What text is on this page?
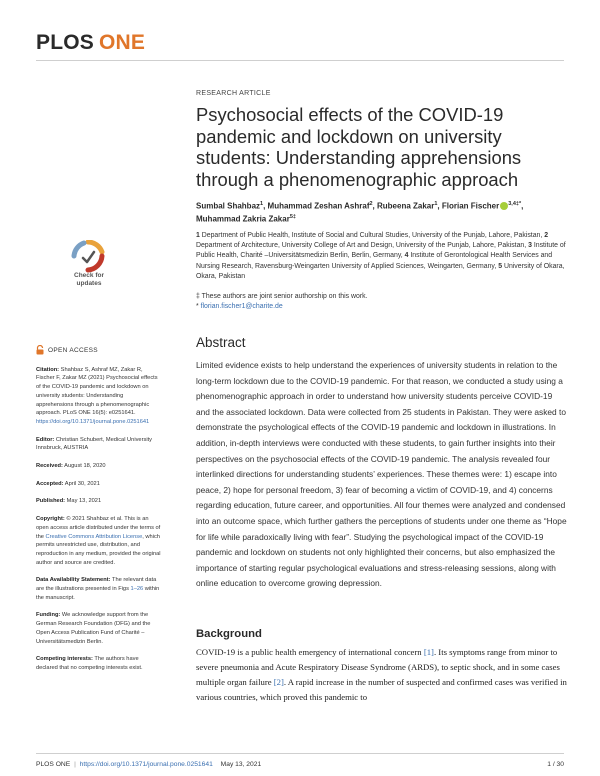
PLOS ONE
RESEARCH ARTICLE
Psychosocial effects of the COVID-19 pandemic and lockdown on university students: Understanding apprehensions through a phenomenographic approach
Sumbal Shahbaz$^1$, Muhammad Zeshan Ashraf$^2$, Rubeena Zakar$^1$, Florian Fischer $^{3,4\ddagger*}$, Muhammad Zakria Zakar$^{5\ddagger}$
1 Department of Public Health, Institute of Social and Cultural Studies, University of the Punjab, Lahore, Pakistan, 2 Department of Architecture, University College of Art and Design, University of the Punjab, Lahore, Pakistan, 3 Institute of Public Health, Charité –Universitätsmedizin Berlin, Berlin, Germany, 4 Institute of Gerontological Health Services and Nursing Research, Ravensburg-Weingarten University of Applied Sciences, Weingarten, Germany, 5 University of Okara, Okara, Pakistan
‡ These authors are joint senior authorship on this work.
* florian.fischer1@charite.de
Check for
updates
OPEN ACCESS

Citation: Shahbaz S, Ashraf MZ, Zakar R, Fischer F, Zakar MZ (2021) Psychosocial effects of the COVID-19 pandemic and lockdown on university students: Understanding apprehensions through a phenomenographic approach. PLoS ONE 16(5): e0251641. https://doi.org/10.1371/journal.pone.0251641

Editor: Christian Schubert, Medical University Innsbruck, AUSTRIA

Received: August 18, 2020

Accepted: April 30, 2021

Published: May 13, 2021

Copyright: © 2021 Shahbaz et al. This is an open access article distributed under the terms of the Creative Commons Attribution License, which permits unrestricted use, distribution, and reproduction in any medium, provided the original author and source are credited.

Data Availability Statement: The relevant data are the illustrations presented in Figs 1–26 within the manuscript.

Funding: We acknowledge support from the German Research Foundation (DFG) and the Open Access Publication Fund of Charité – Universitätsmedizin Berlin.

Competing interests: The authors have declared that no competing interests exist.

Abstract

Limited evidence exists to help understand the experiences of university students in relation to the long-term lockdown due to the COVID-19 pandemic. For that reason, we conducted a study using a phenomenographic approach in order to understand how university students perceive COVID-19 and the associated lockdown. Data were collected from 25 students in Pakistan. They were asked to demonstrate the psychological effects of the COVID-19 pandemic and lockdown in illustrations. In addition, in-depth interviews were conducted with these students, to gain further insights into their perspectives on the psychosocial effects of the COVID-19 pandemic. The analysis revealed four interlinked directions for understanding students’ experiences. These themes were: 1) escape into peace, 2) hope for personal freedom, 3) fear of becoming a victim of COVID-19, and 4) concerns regarding education, future career, and opportunities. All four themes were analyzed and condensed into an outcome space, which further gathers the perceptions of students under one theme as “Hope for life while paradoxically living with fear”. Studying the psychological impact of the COVID-19 pandemic and lockdown on students not only highlighted their concerns, but also emphasized the importance of starting regular psychological evaluations and stress-releasing sessions, along with online education to overcome growing depression.

Background

COVID-19 is a public health emergency of international concern [1]. Its symptoms range from minor to severe pneumonia and Acute Respiratory Disease Syndrome (ARDS), to septic shock, and in some cases multiple organ failure [2]. A rapid increase in the number of suspected and confirmed cases was verified in various countries, which proved this pandemic to

PLOS ONE | https://doi.org/10.1371/journal.pone.0251641 May 13, 2021	1 / 30
